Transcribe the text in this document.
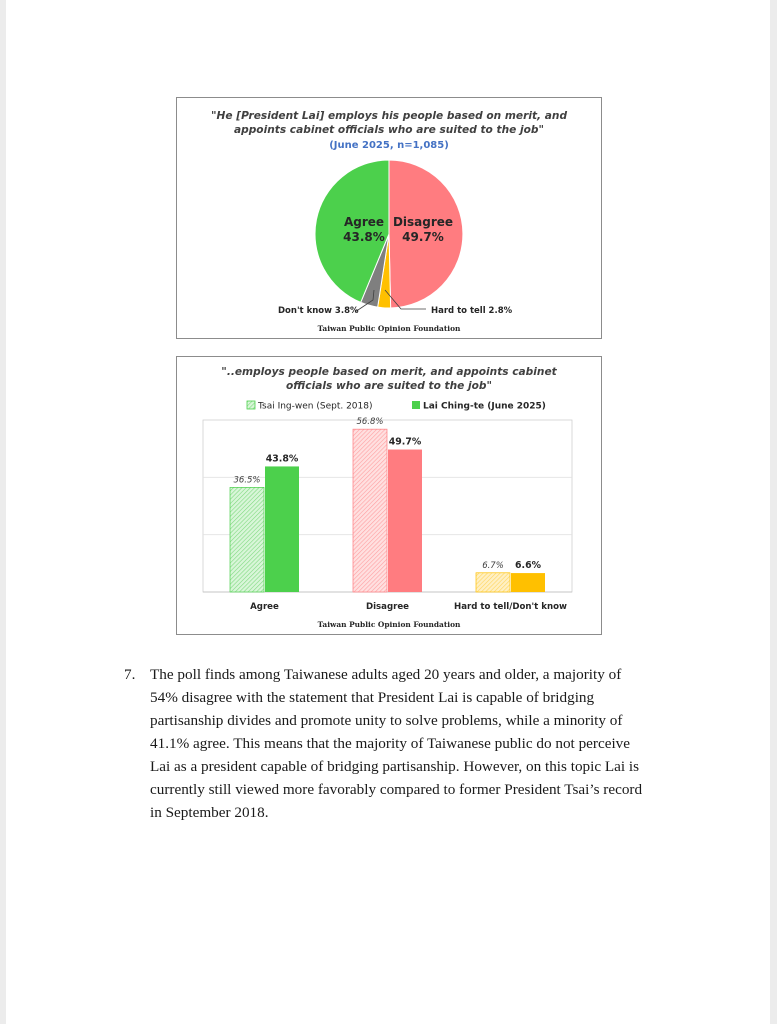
"He [President Lai] employs his people based on merit, and
appoints cabinet officials who are suited to the job"
(June 2025, n=1,085)
Agree
43.8%
Disagree
49.7%
Don't know 3.8%	Hard to tell 2.8%
Taiwan Public Opinion Foundation
"..employs people based on merit, and appoints cabinet
officials who are suited to the job"
Tsai Ing-wen (Sept. 2018)	Lai Ching-te (June 2025)
36.5%
43.8%
Agree
56.8%
49.7%
Disagree
6.7% 6.6%
Hard to tell/Don't know
Taiwan Public Opinion Foundation
7. The poll finds among Taiwanese adults aged 20 years and older, a majority of
54% disagree with the statement that President Lai is capable of bridging
partisanship divides and promote unity to solve problems, while a minority of
41.1% agree. This means that the majority of Taiwanese public do not perceive
Lai as a president capable of bridging partisanship. However, on this topic Lai is
currently still viewed more favorably compared to former President Tsai’s record
in September 2018.
